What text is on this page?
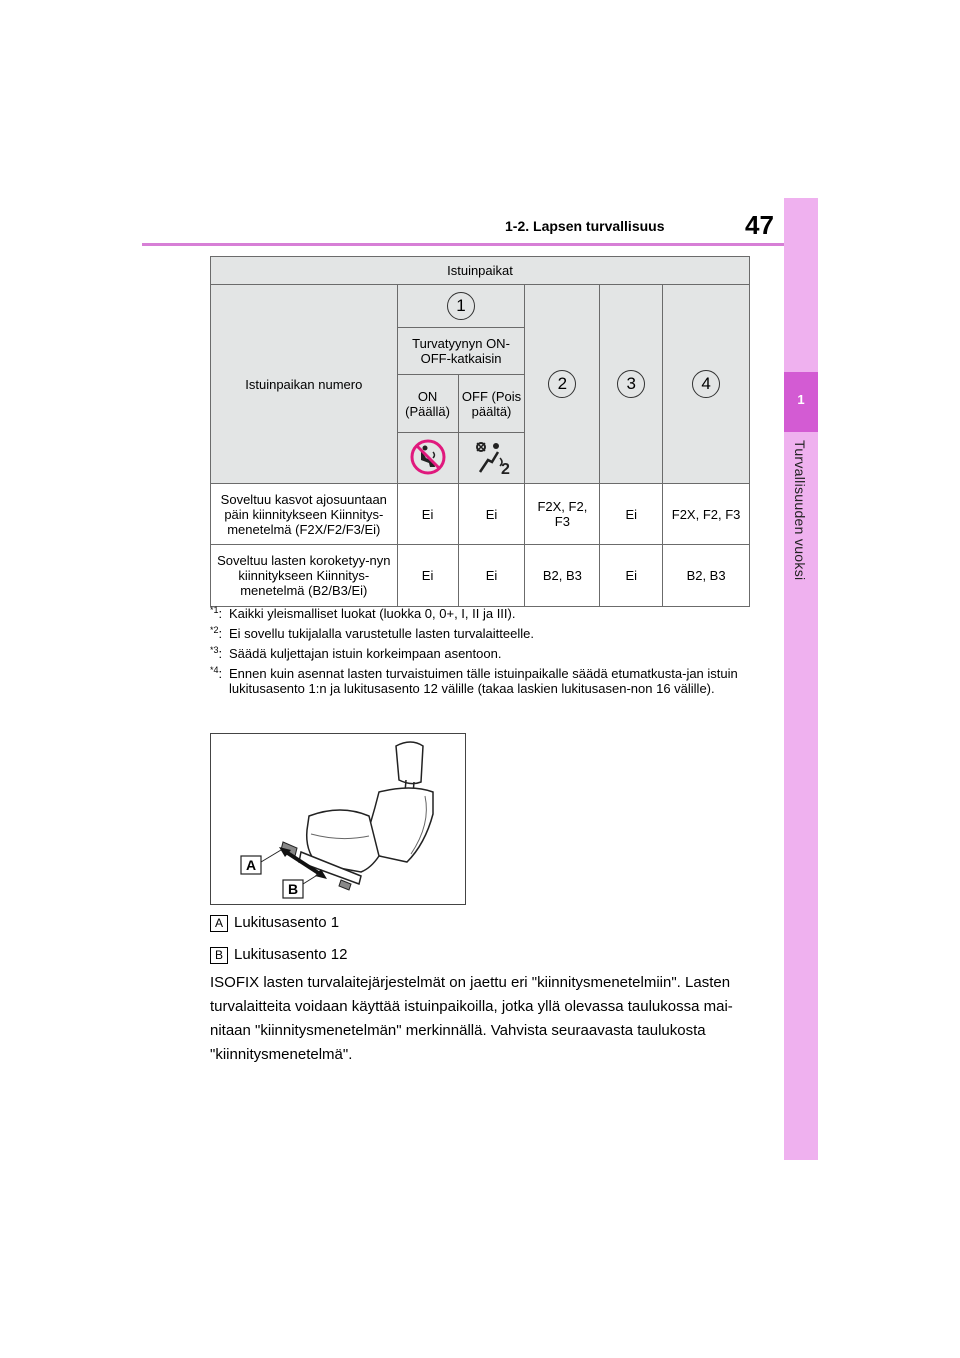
1-2. Lapsen turvallisuus	47
1
Turvallisuuden vuoksi
Istuinpaikat					
Istuinpaikan numero	1		2	3	4
	Turvatyynyn ON-OFF-katkaisin				
	ON (Päällä)	OFF (Pois päältä)			

2			

Soveltuu kasvot ajosuuntaan päin kiinnitykseen Kiinnitys-menetelmä (F2X/F2/F3/Ei)	Ei	Ei	F2X, F2, F3	Ei	F2X, F2, F3
Soveltuu lasten koroketyy-nyn kiinnitykseen Kiinnitys-menetelmä (B2/B3/Ei)	Ei	Ei	B2, B3	Ei	B2, B3
$^{*1}$: Kaikki yleismalliset luokat (luokka 0, 0+, I, II ja III).
$^{*2}$: Ei sovellu tukijalalla varustetulle lasten turvalaitteelle.
$^{*3}$: Säädä kuljettajan istuin korkeimpaan asentoon.
$^{*4}$: Ennen kuin asennat lasten turvaistuimen tälle istuinpaikalle säädä etumatkusta-jan istuin lukitusasento 1:n ja lukitusasento 12 välille (takaa laskien lukitusasen-non 16 välille).
A
B
A Lukitusasento 1
B Lukitusasento 12
ISOFIX lasten turvalaitejärjestelmät on jaettu eri "kiinnitysmenetelmiin". Lasten turvalaitteita voidaan käyttää istuinpaikoilla, jotka yllä olevassa taulukossa mai-nitaan "kiinnitysmenetelmän" merkinnällä. Vahvista seuraavasta taulukosta "kiinnitysmenetelmä".
